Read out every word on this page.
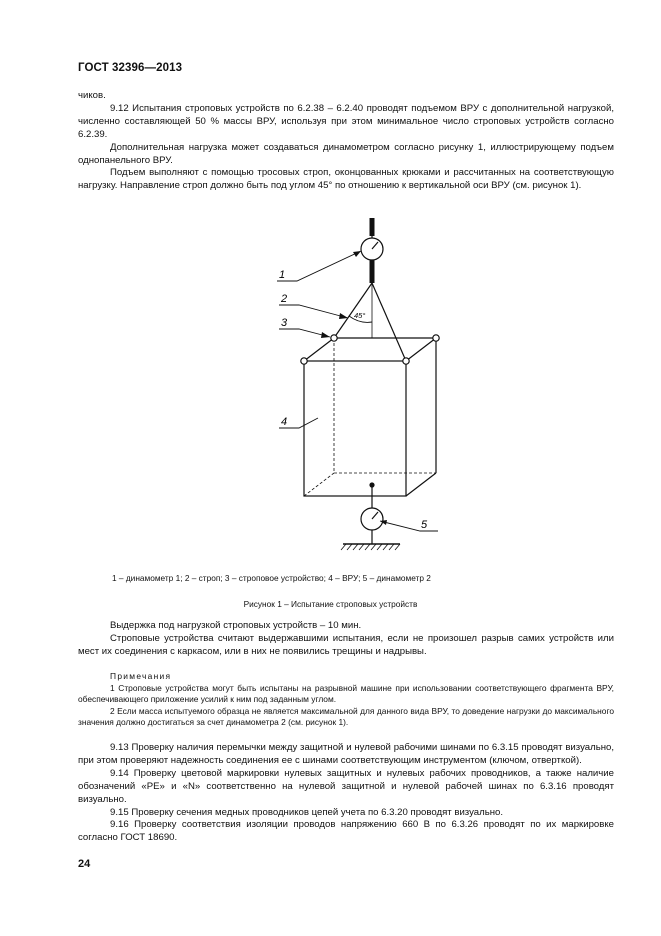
ГОСТ 32396—2013

чиков.

9.12 Испытания строповых устройств по 6.2.38 – 6.2.40 проводят подъемом ВРУ с дополнительной нагрузкой, численно составляющей 50 % массы ВРУ, используя при этом минимальное число строповых устройств согласно 6.2.39.

Дополнительная нагрузка может создаваться динамометром согласно рисунку 1, иллюстрирующему подъем однопанельного ВРУ.

Подъем выполняют с помощью тросовых строп, оконцованных крюками и рассчитанных на соответствующую нагрузку. Направление строп должно быть под углом 45° по отношению к вертикальной оси ВРУ (см. рисунок 1).

1
2
3
4
5
45°
1 – динамометр 1; 2 – строп; 3 – строповое устройство; 4 – ВРУ; 5 – динамометр 2
Рисунок 1 – Испытание строповых устройств

Выдержка под нагрузкой строповых устройств – 10 мин.

Строповые устройства считают выдержавшими испытания, если не произошел разрыв самих устройств или мест их соединения с каркасом, или в них не появились трещины и надрывы.

Примечания

1 Строповые устройства могут быть испытаны на разрывной машине при использовании соответствующего фрагмента ВРУ, обеспечивающего приложение усилий к ним под заданным углом.

2 Если масса испытуемого образца не является максимальной для данного вида ВРУ, то доведение нагрузки до максимального значения должно достигаться за счет динамометра 2 (см. рисунок 1).

9.13 Проверку наличия перемычки между защитной и нулевой рабочими шинами по 6.3.15 проводят визуально, при этом проверяют надежность соединения ее с шинами соответствующим инструментом (ключом, отверткой).

9.14 Проверку цветовой маркировки нулевых защитных и нулевых рабочих проводников, а также наличие обозначений «PE» и «N» соответственно на нулевой защитной и нулевой рабочей шинах по 6.3.16 проводят визуально.

9.15 Проверку сечения медных проводников цепей учета по 6.3.20 проводят визуально.

9.16 Проверку соответствия изоляции проводов напряжению 660 В по 6.3.26 проводят по их маркировке согласно ГОСТ 18690.

24
